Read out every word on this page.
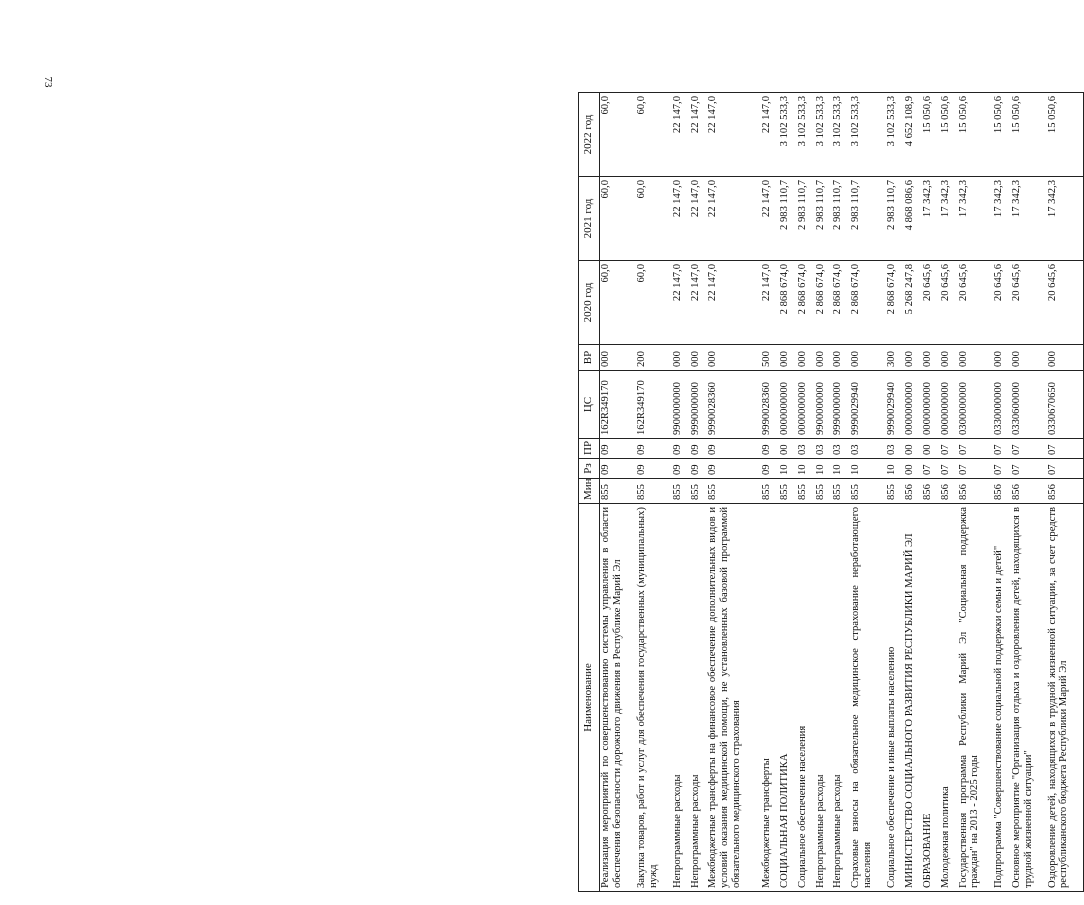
73
Наименование	Мин	Рз	ПР	ЦС	ВР	2020 год	2021 год	2022 год
Реализация мероприятий по совершенствованию системы управления в области обеспечения безопасности дорожного движения в Республике Марий Эл	855	09	09	162R349170	000	60,0	60,0	60,0
Закупка товаров, работ и услуг для обеспечения государственных (муниципальных) нужд	855	09	09	162R349170	200	60,0	60,0	60,0
Непрограммные расходы	855	09	09	9900000000	000	22 147,0	22 147,0	22 147,0
Непрограммные расходы	855	09	09	9990000000	000	22 147,0	22 147,0	22 147,0
Межбюджетные трансферты на финансовое обеспечение дополнительных видов и условий оказания медицинской помощи, не установленных базовой программой обязательного медицинского страхования	855	09	09	9990028360	000	22 147,0	22 147,0	22 147,0
Межбюджетные трансферты	855	09	09	9990028360	500	22 147,0	22 147,0	22 147,0
СОЦИАЛЬНАЯ ПОЛИТИКА	855	10	00	0000000000	000	2 868 674,0	2 983 110,7	3 102 533,3
Социальное обеспечение населения	855	10	03	0000000000	000	2 868 674,0	2 983 110,7	3 102 533,3
Непрограммные расходы	855	10	03	9900000000	000	2 868 674,0	2 983 110,7	3 102 533,3
Непрограммные расходы	855	10	03	9990000000	000	2 868 674,0	2 983 110,7	3 102 533,3
Страховые взносы на обязательное медицинское страхование неработающего населения	855	10	03	9990029940	000	2 868 674,0	2 983 110,7	3 102 533,3
Социальное обеспечение и иные выплаты населению	855	10	03	9990029940	300	2 868 674,0	2 983 110,7	3 102 533,3
МИНИСТЕРСТВО СОЦИАЛЬНОГО РАЗВИТИЯ РЕСПУБЛИКИ МАРИЙ ЭЛ	856	00	00	0000000000	000	5 268 247,8	4 868 086,6	4 652 108,9
ОБРАЗОВАНИЕ	856	07	00	0000000000	000	20 645,6	17 342,3	15 050,6
Молодежная политика	856	07	07	0000000000	000	20 645,6	17 342,3	15 050,6
Государственная программа Республики Марий Эл "Социальная поддержка граждан" на 2013 - 2025 годы	856	07	07	0300000000	000	20 645,6	17 342,3	15 050,6
Подпрограмма "Совершенствование социальной поддержки семьи и детей"	856	07	07	0330000000	000	20 645,6	17 342,3	15 050,6
Основное мероприятие "Организация отдыха и оздоровления детей, находящихся в трудной жизненной ситуации"	856	07	07	0330600000	000	20 645,6	17 342,3	15 050,6
Оздоровление детей, находящихся в трудной жизненной ситуации, за счет средств республиканского бюджета Республики Марий Эл	856	07	07	0330670650	000	20 645,6	17 342,3	15 050,6
